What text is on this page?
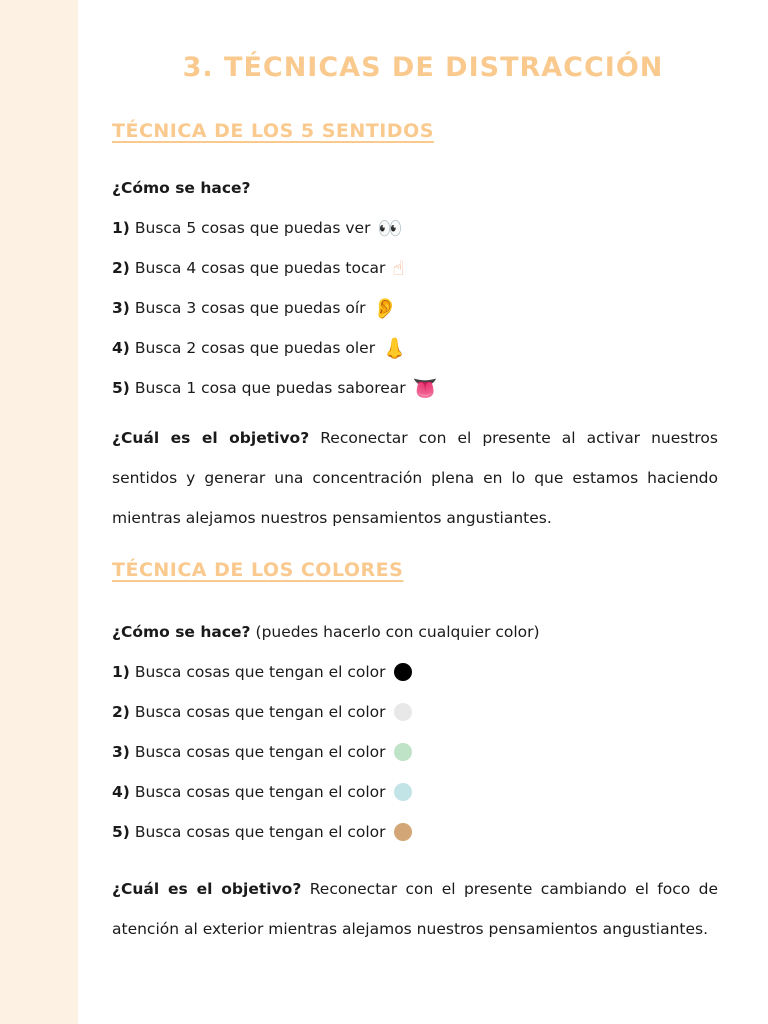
3. TÉCNICAS DE DISTRACCIÓN
TÉCNICA DE LOS 5 SENTIDOS
¿Cómo se hace?
1) Busca 5 cosas que puedas ver 👀
2) Busca 4 cosas que puedas tocar ☝
3) Busca 3 cosas que puedas oír 👂
4) Busca 2 cosas que puedas oler 👃
5) Busca 1 cosa que puedas saborear 👅

¿Cuál es el objetivo? Reconectar con el presente al activar nuestros sentidos y generar una concentración plena en lo que estamos haciendo mientras alejamos nuestros pensamientos angustiantes.

TÉCNICA DE LOS COLORES
¿Cómo se hace? (puedes hacerlo con cualquier color)
1) Busca cosas que tengan el color
2) Busca cosas que tengan el color
3) Busca cosas que tengan el color
4) Busca cosas que tengan el color
5) Busca cosas que tengan el color

¿Cuál es el objetivo? Reconectar con el presente cambiando el foco de atención al exterior mientras alejamos nuestros pensamientos angustiantes.
